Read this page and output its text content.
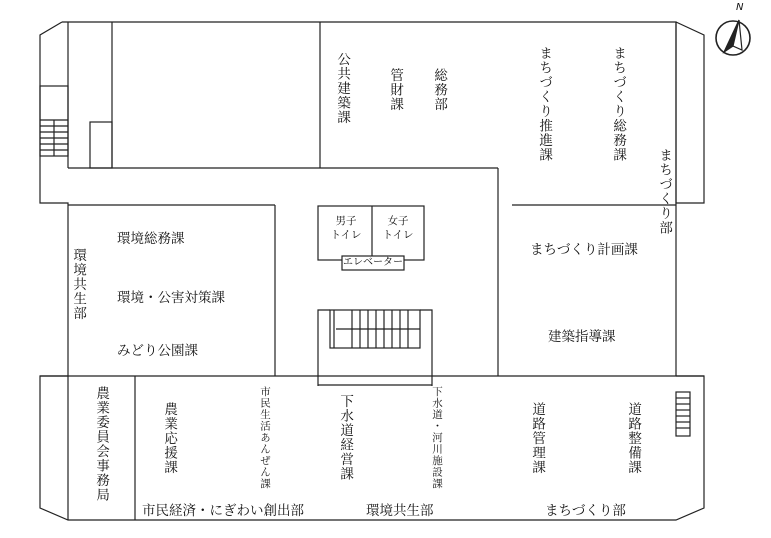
N
公共建築課	管財課 総務部	まちづくり推進課	まちづくり総務課
まちづくり部
まちづくり計画課
建築指導課
環境総務課
環境・公害対策課
みどり公園課
環境共生部
男子
トイレ
女子
トイレ
エレベーター
農業委員会事務局	農業応援課	市民生活あんぜん課	下水道経営課	下水道・河川施設課	道路管理課	道路整備課
市民経済・にぎわい創出部	環境共生部	まちづくり部
